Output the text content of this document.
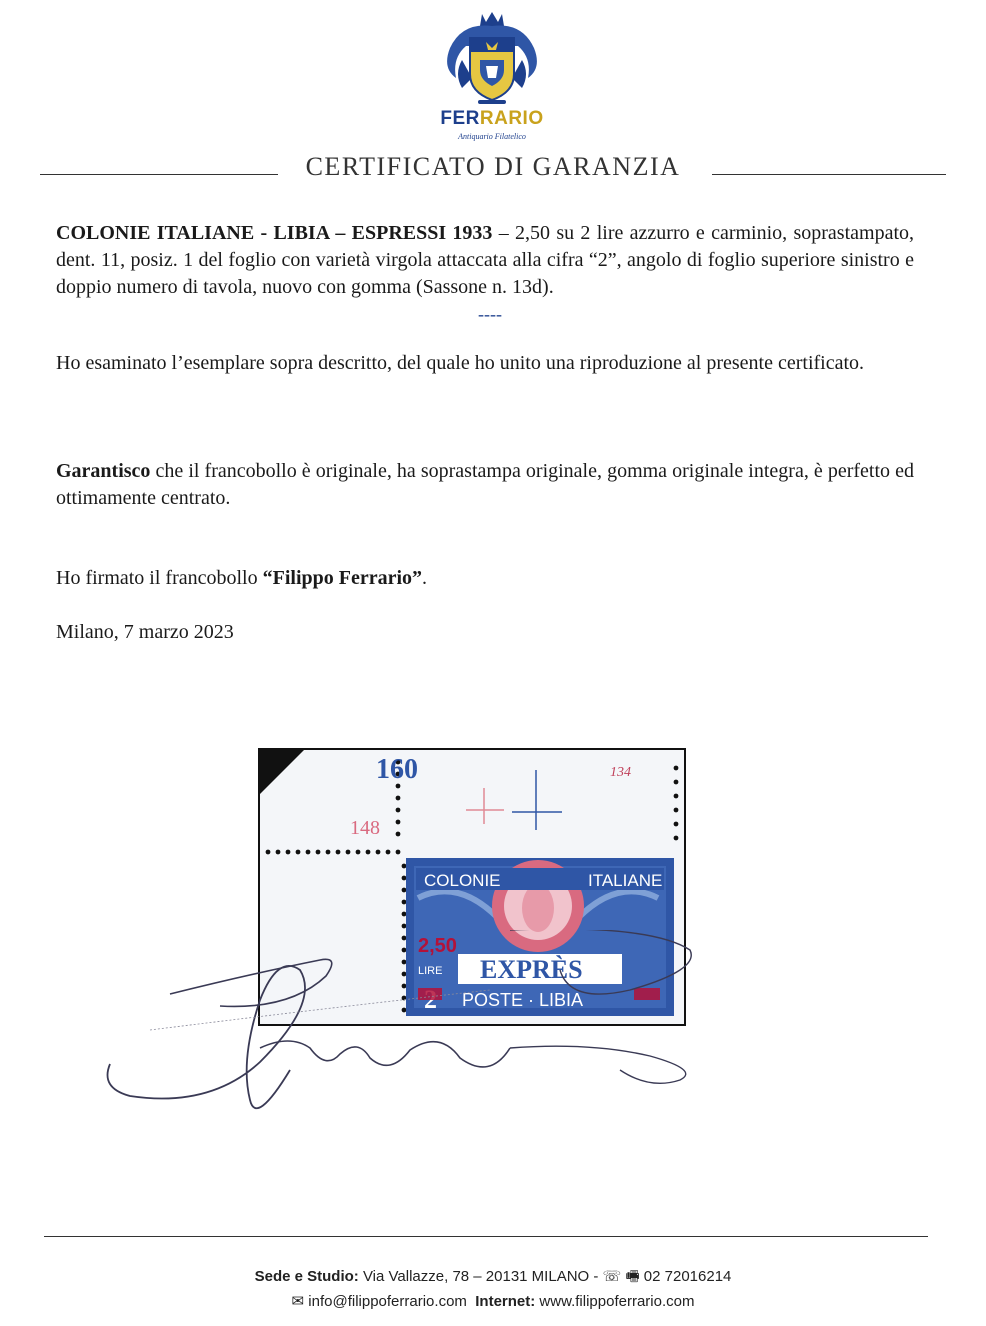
FERRARIO
Antiquario Filatelico
CERTIFICATO DI GARANZIA
COLONIE ITALIANE - LIBIA – ESPRESSI 1933 – 2,50 su 2 lire azzurro e carminio, soprastampato, dent. 11, posiz. 1 del foglio con varietà virgola attaccata alla cifra “2”, angolo di foglio superiore sinistro e doppio numero di tavola, nuovo con gomma (Sassone n. 13d).
----
Ho esaminato l’esemplare sopra descritto, del quale ho unito una riproduzione al presente certificato.
Garantisco che il francobollo è originale, ha soprastampa originale, gomma originale integra, è perfetto ed ottimamente centrato.
Ho firmato il francobollo “Filippo Ferrario”.
Milano, 7 marzo 2023
160
148
134
COLONIE	ITALIANE
2,50
EXPRÈS
LIRE
POSTE · LIBIA
Sede e Studio: Via Vallazze, 78 – 20131 MILANO - ☏ 🖷 02 72016214
✉ info@filippoferrario.com Internet: www.filippoferrario.com
